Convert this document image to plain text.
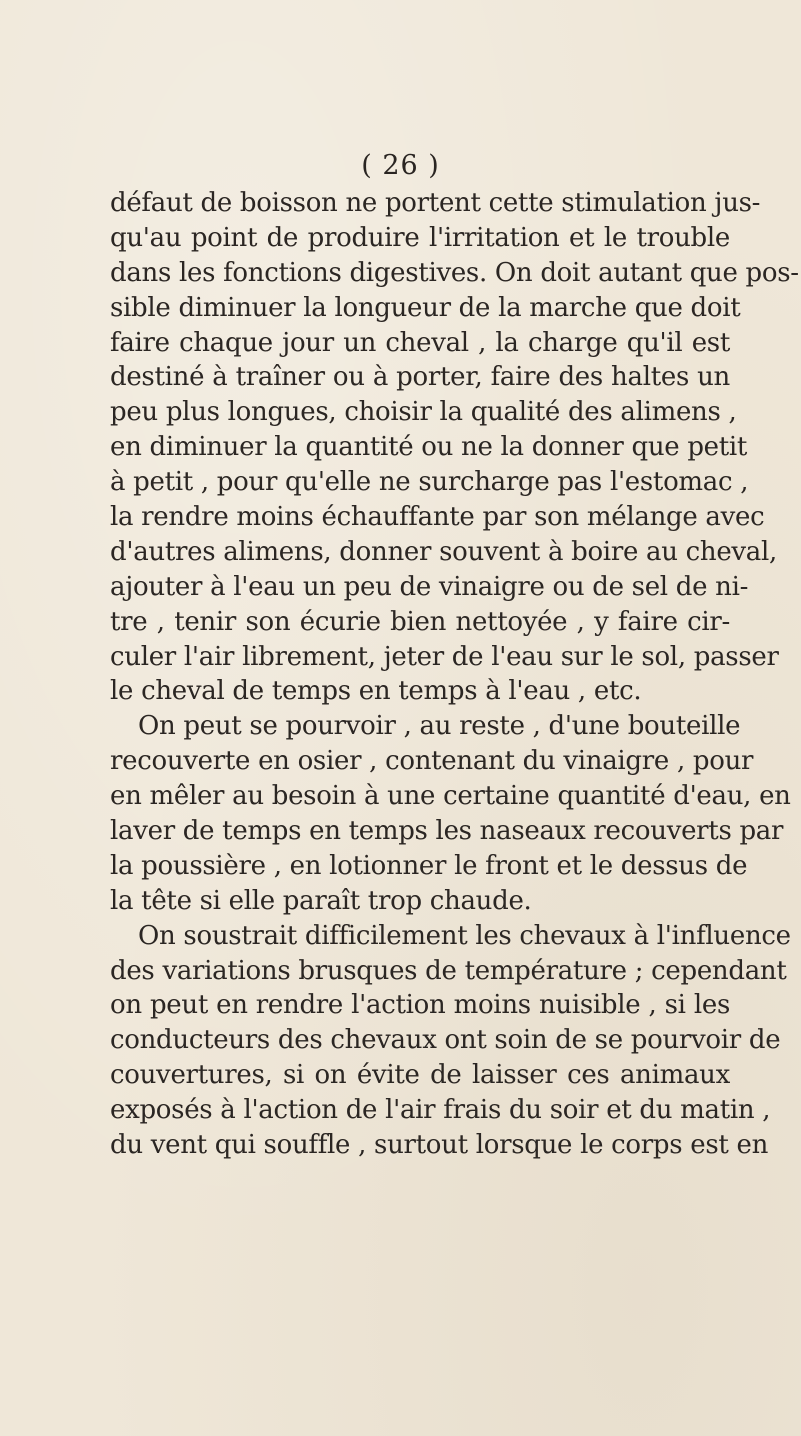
( 26 )
défaut de boisson ne portent cette stimulation jus-
qu'au point de produire l'irritation et le trouble
dans les fonctions digestives. On doit autant que pos-
sible diminuer la longueur de la marche que doit
faire chaque jour un cheval , la charge qu'il est
destiné à traîner ou à porter, faire des haltes un
peu plus longues, choisir la qualité des alimens ,
en diminuer la quantité ou ne la donner que petit
à petit , pour qu'elle ne surcharge pas l'estomac ,
la rendre moins échauffante par son mélange avec
d'autres alimens, donner souvent à boire au cheval,
ajouter à l'eau un peu de vinaigre ou de sel de ni-
tre , tenir son écurie bien nettoyée , y faire cir-
culer l'air librement, jeter de l'eau sur le sol, passer
le cheval de temps en temps à l'eau , etc.
On peut se pourvoir , au reste , d'une bouteille
recouverte en osier , contenant du vinaigre , pour
en mêler au besoin à une certaine quantité d'eau, en
laver de temps en temps les naseaux recouverts par
la poussière , en lotionner le front et le dessus de
la tête si elle paraît trop chaude.
On soustrait difficilement les chevaux à l'influence
des variations brusques de température ; cependant
on peut en rendre l'action moins nuisible , si les
conducteurs des chevaux ont soin de se pourvoir de
couvertures, si on évite de laisser ces animaux
exposés à l'action de l'air frais du soir et du matin ,
du vent qui souffle , surtout lorsque le corps est en
